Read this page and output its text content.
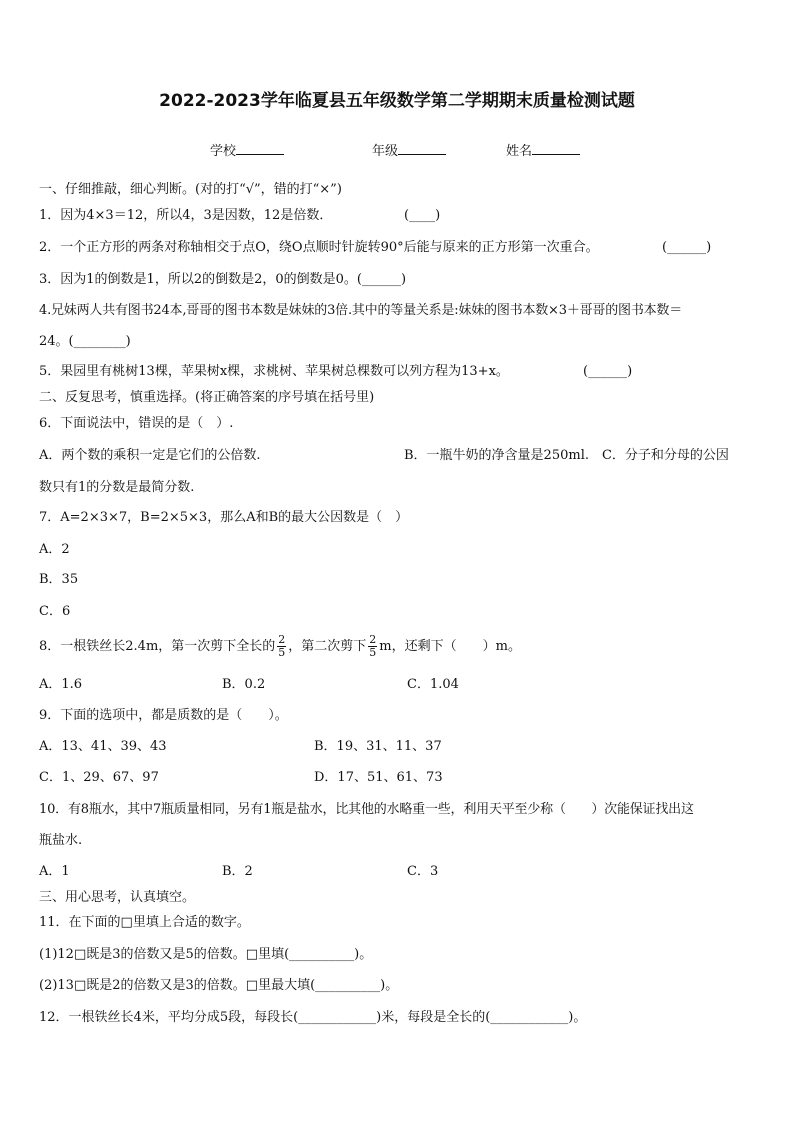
2022-2023学年临夏县五年级数学第二学期期末质量检测试题
学校	年级	姓名
一、仔细推敲，细心判断。(对的打“√”，错的打“×”)
1．因为4×3＝12，所以4，3是因数，12是倍数．	(____)
2．一个正方形的两条对称轴相交于点O，绕O点顺时针旋转90°后能与原来的正方形第一次重合。	(______)
3．因为1的倒数是1，所以2的倒数是2，0的倒数是0。(______)
4.兄妹两人共有图书24本,哥哥的图书本数是妹妹的3倍.其中的等量关系是:妹妹的图书本数×3＋哥哥的图书本数＝
24。(________)
5．果园里有桃树13棵，苹果树x棵，求桃树、苹果树总棵数可以列方程为13+x。	(______)
二、反复思考，慎重选择。(将正确答案的序号填在括号里)
6．下面说法中，错误的是（　）.
A．两个数的乘积一定是它们的公倍数.	B．一瓶牛奶的净含量是250ml.　C．分子和分母的公因
数只有1的分数是最简分数.
7．A=2×3×7，B=2×5×3，那么A和B的最大公因数是（　）
A．2
B．35
C．6
8．一根铁丝长2.4m，第一次剪下全长的 $\frac{2}{5}$ ，第二次剪下 $\frac{2}{5}$ m，还剩下（　　）m。
A．1.6	B．0.2	C．1.04
9．下面的选项中，都是质数的是（　　）。
A．13、41、39、43	B．19、31、11、37
C．1、29、67、97	D．17、51、61、73
10．有8瓶水，其中7瓶质量相同，另有1瓶是盐水，比其他的水略重一些，利用天平至少称（　　）次能保证找出这
瓶盐水.
A．1	B．2	C．3
三、用心思考，认真填空。
11．在下面的□里填上合适的数字。
(1)12□既是3的倍数又是5的倍数。□里填(__________)。
(2)13□既是2的倍数又是3的倍数。□里最大填(__________)。
12．一根铁丝长4米，平均分成5段，每段长(____________)米，每段是全长的(____________)。
